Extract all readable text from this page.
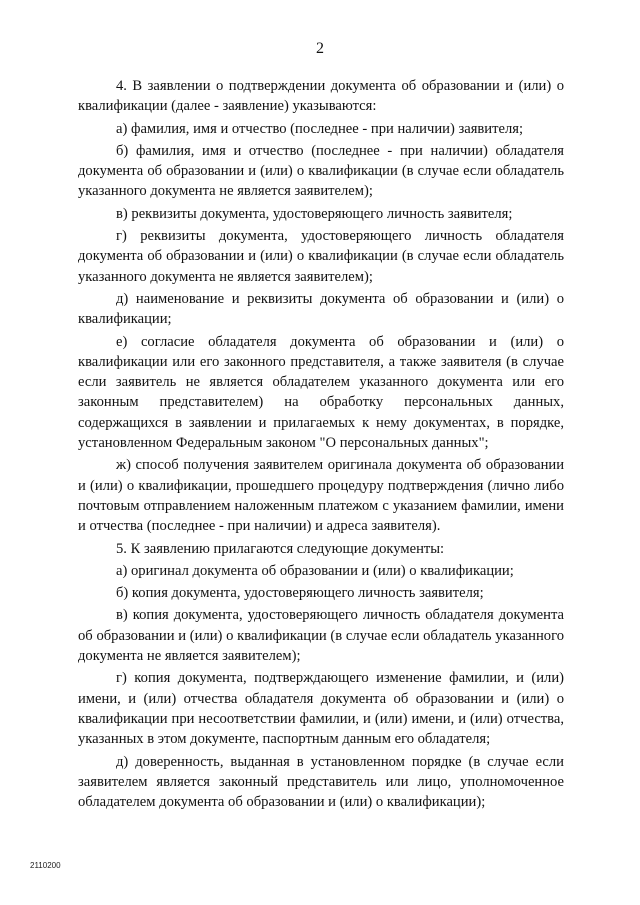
2

4. В заявлении о подтверждении документа об образовании и (или) о квалификации (далее - заявление) указываются:

а) фамилия, имя и отчество (последнее - при наличии) заявителя;

б) фамилия, имя и отчество (последнее - при наличии) обладателя документа об образовании и (или) о квалификации (в случае если обладатель указанного документа не является заявителем);

в) реквизиты документа, удостоверяющего личность заявителя;

г) реквизиты документа, удостоверяющего личность обладателя документа об образовании и (или) о квалификации (в случае если обладатель указанного документа не является заявителем);

д) наименование и реквизиты документа об образовании и (или) о квалификации;

е) согласие обладателя документа об образовании и (или) о квалификации или его законного представителя, а также заявителя (в случае если заявитель не является обладателем указанного документа или его законным представителем) на обработку персональных данных, содержащихся в заявлении и прилагаемых к нему документах, в порядке, установленном Федеральным законом "О персональных данных";

ж) способ получения заявителем оригинала документа об образовании и (или) о квалификации, прошедшего процедуру подтверждения (лично либо почтовым отправлением наложенным платежом с указанием фамилии, имени и отчества (последнее - при наличии) и адреса заявителя).

5. К заявлению прилагаются следующие документы:

а) оригинал документа об образовании и (или) о квалификации;

б) копия документа, удостоверяющего личность заявителя;

в) копия документа, удостоверяющего личность обладателя документа об образовании и (или) о квалификации (в случае если обладатель указанного документа не является заявителем);

г) копия документа, подтверждающего изменение фамилии, и (или) имени, и (или) отчества обладателя документа об образовании и (или) о квалификации при несоответствии фамилии, и (или) имени, и (или) отчества, указанных в этом документе, паспортным данным его обладателя;

д) доверенность, выданная в установленном порядке (в случае если заявителем является законный представитель или лицо, уполномоченное обладателем документа об образовании и (или) о квалификации);

2110200
